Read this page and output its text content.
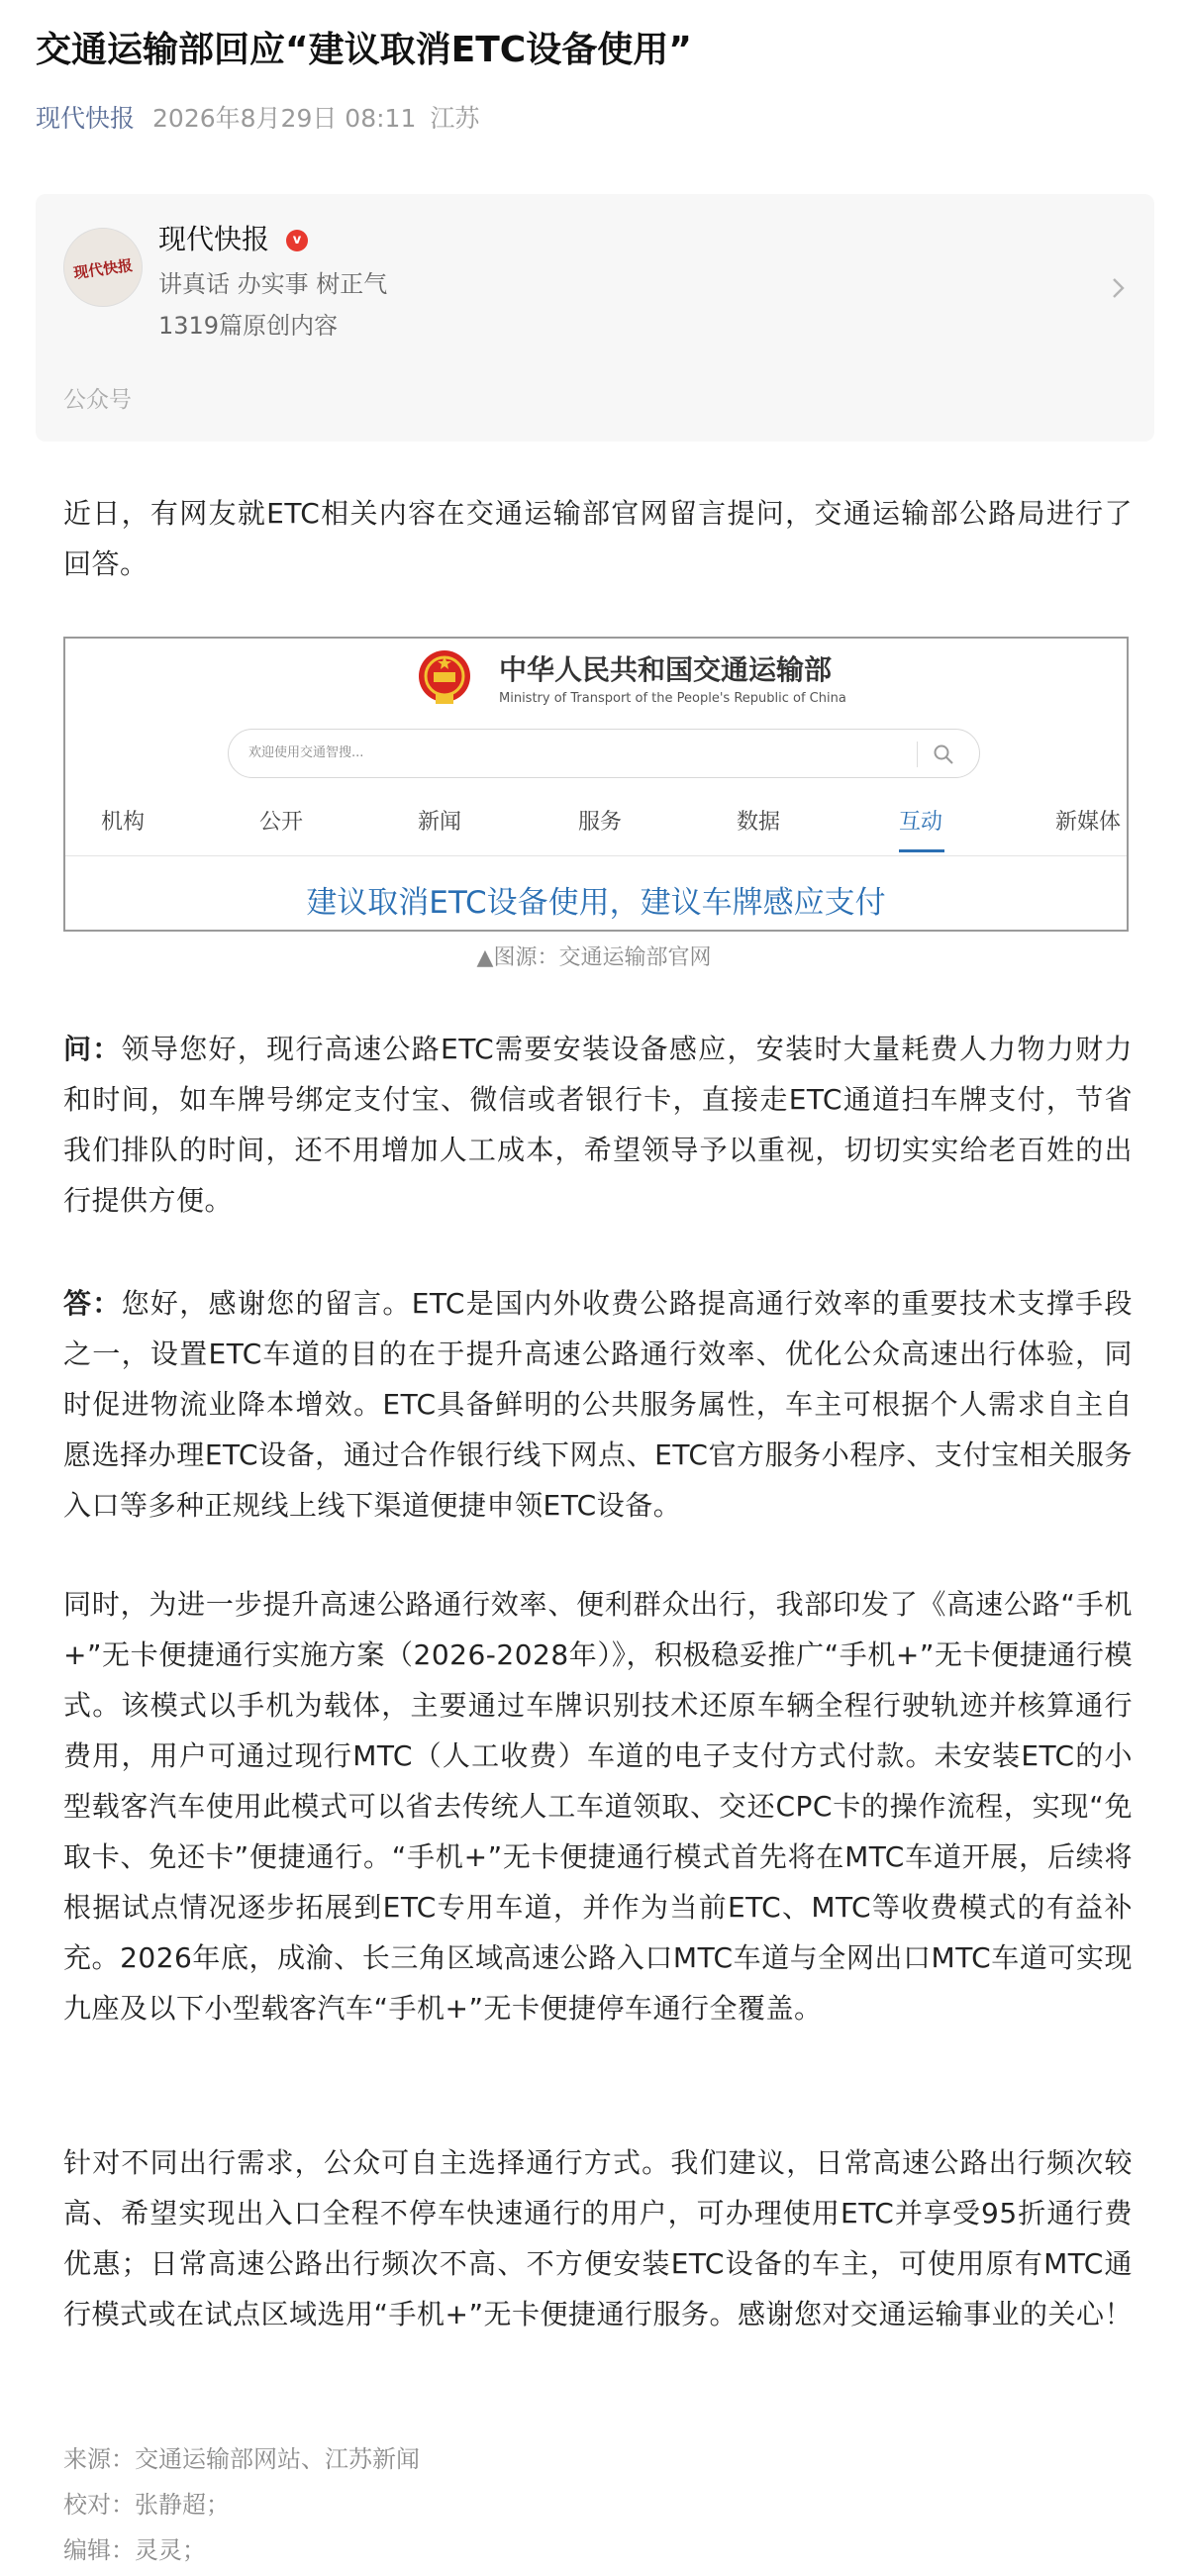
交通运输部回应“建议取消ETC设备使用”
现代快报 2026年8月29日 08:11 江苏
现代快报
现代快报	v
讲真话 办实事 树正气
1319篇原创内容
公众号

近日，有网友就ETC相关内容在交通运输部官网留言提问，交通运输部公路局进行了回答。

中华人民共和国交通运输部
Ministry of Transport of the People's Republic of China
欢迎使用交通智搜...
机构	公开	新闻	服务	数据	互动	新媒体
建议取消ETC设备使用，建议车牌感应支付
▲图源：交通运输部官网

问：领导您好，现行高速公路ETC需要安装设备感应，安装时大量耗费人力物力财力和时间，如车牌号绑定支付宝、微信或者银行卡，直接走ETC通道扫车牌支付，节省我们排队的时间，还不用增加人工成本，希望领导予以重视，切切实实给老百姓的出行提供方便。

答：您好，感谢您的留言。ETC是国内外收费公路提高通行效率的重要技术支撑手段之一，设置ETC车道的目的在于提升高速公路通行效率、优化公众高速出行体验，同时促进物流业降本增效。ETC具备鲜明的公共服务属性，车主可根据个人需求自主自愿选择办理ETC设备，通过合作银行线下网点、ETC官方服务小程序、支付宝相关服务入口等多种正规线上线下渠道便捷申领ETC设备。

同时，为进一步提升高速公路通行效率、便利群众出行，我部印发了《高速公路“手机+”无卡便捷通行实施方案（2026-2028年）》，积极稳妥推广“手机+”无卡便捷通行模式。该模式以手机为载体，主要通过车牌识别技术还原车辆全程行驶轨迹并核算通行费用，用户可通过现行MTC（人工收费）车道的电子支付方式付款。未安装ETC的小型载客汽车使用此模式可以省去传统人工车道领取、交还CPC卡的操作流程，实现“免取卡、免还卡”便捷通行。“手机+”无卡便捷通行模式首先将在MTC车道开展，后续将根据试点情况逐步拓展到ETC专用车道，并作为当前ETC、MTC等收费模式的有益补充。2026年底，成渝、长三角区域高速公路入口MTC车道与全网出口MTC车道可实现九座及以下小型载客汽车“手机+”无卡便捷停车通行全覆盖。

针对不同出行需求，公众可自主选择通行方式。我们建议，日常高速公路出行频次较高、希望实现出入口全程不停车快速通行的用户，可办理使用ETC并享受95折通行费优惠；日常高速公路出行频次不高、不方便安装ETC设备的车主，可使用原有MTC通行模式或在试点区域选用“手机+”无卡便捷通行服务。感谢您对交通运输事业的关心！

来源：交通运输部网站、江苏新闻
校对：张静超；
编辑：灵灵；
